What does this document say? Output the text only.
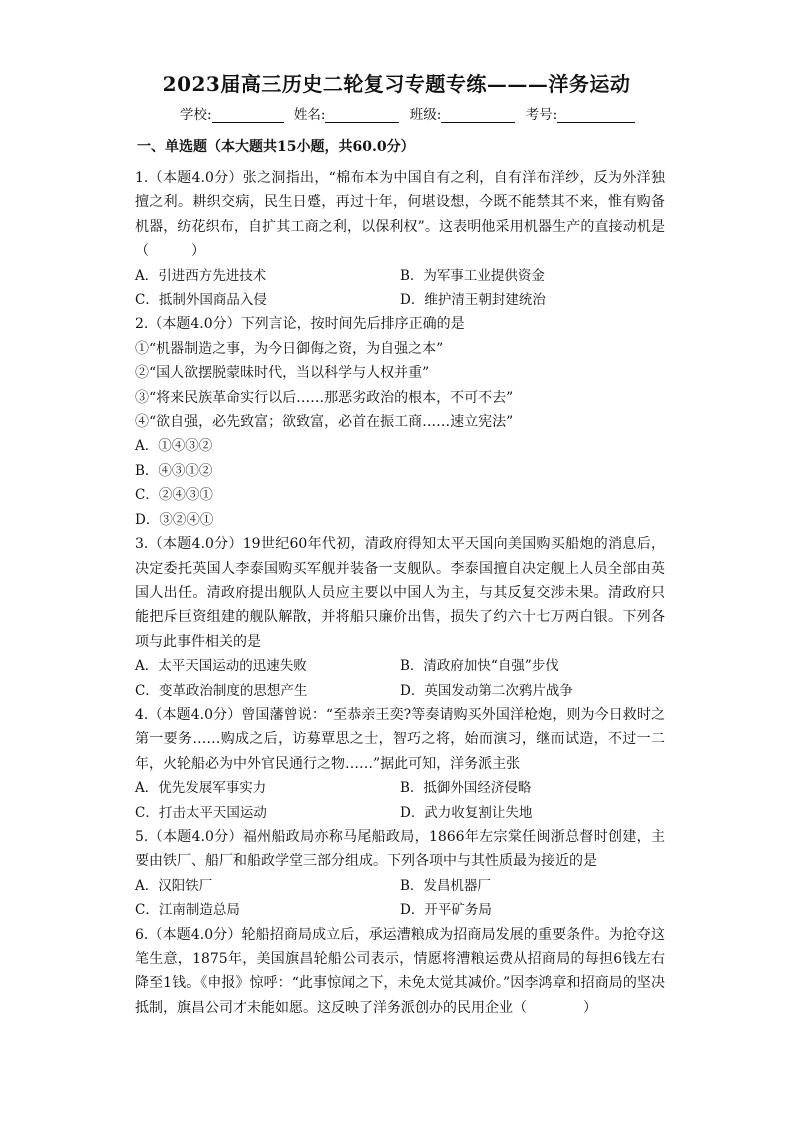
2023届高三历史二轮复习专题专练———洋务运动
学校:	姓名:	班级:	考号:
一、单选题（本大题共15小题，共60.0分）

1.（本题4.0分）张之洞指出，“棉布本为中国自有之利，自有洋布洋纱，反为外洋独擅之利。耕织交病，民生日蹙，再过十年，何堪设想，今既不能禁其不来，惟有购备机器，纺花织布，自扩其工商之利，以保利权”。这表明他采用机器生产的直接动机是（　　　）

A．引进西方先进技术	B．为军事工业提供资金

C．抵制外国商品入侵	D．维护清王朝封建统治

2.（本题4.0分）下列言论，按时间先后排序正确的是

①“机器制造之事，为今日御侮之资，为自强之本”

②“国人欲摆脱蒙昧时代，当以科学与人权并重”

③“将来民族革命实行以后……那恶劣政治的根本，不可不去”

④“欲自强，必先致富；欲致富，必首在振工商……速立宪法”

A．①④③②

B．④③①②

C．②④③①

D．③②④①

3.（本题4.0分）19世纪60年代初，清政府得知太平天国向美国购买船炮的消息后，决定委托英国人李泰国购买军舰并装备一支舰队。李泰国擅自决定舰上人员全部由英国人出任。清政府提出舰队人员应主要以中国人为主，与其反复交涉未果。清政府只能把斥巨资组建的舰队解散，并将船只廉价出售，损失了约六十七万两白银。下列各项与此事件相关的是

A．太平天国运动的迅速失败	B．清政府加快“自强”步伐

C．变革政治制度的思想产生	D．英国发动第二次鸦片战争

4.（本题4.0分）曾国藩曾说：“至恭亲王奕?等奏请购买外国洋枪炮，则为今日救时之第一要务……购成之后，访募覃思之士，智巧之将，始而演习，继而试造，不过一二年，火轮船必为中外官民通行之物……”据此可知，洋务派主张

A．优先发展军事实力	B．抵御外国经济侵略

C．打击太平天国运动	D．武力收复割让失地

5.（本题4.0分）福州船政局亦称马尾船政局，1866年左宗棠任闽浙总督时创建，主要由铁厂、船厂和船政学堂三部分组成。下列各项中与其性质最为接近的是

A．汉阳铁厂	B．发昌机器厂

C．江南制造总局	D．开平矿务局

6.（本题4.0分）轮船招商局成立后，承运漕粮成为招商局发展的重要条件。为抢夺这笔生意，1875年，美国旗昌轮船公司表示，情愿将漕粮运费从招商局的每担6钱左右降至1钱。《申报》惊呼：“此事惊闻之下，未免太觉其减价。”因李鸿章和招商局的坚决抵制，旗昌公司才未能如愿。这反映了洋务派创办的民用企业（　　　　）
